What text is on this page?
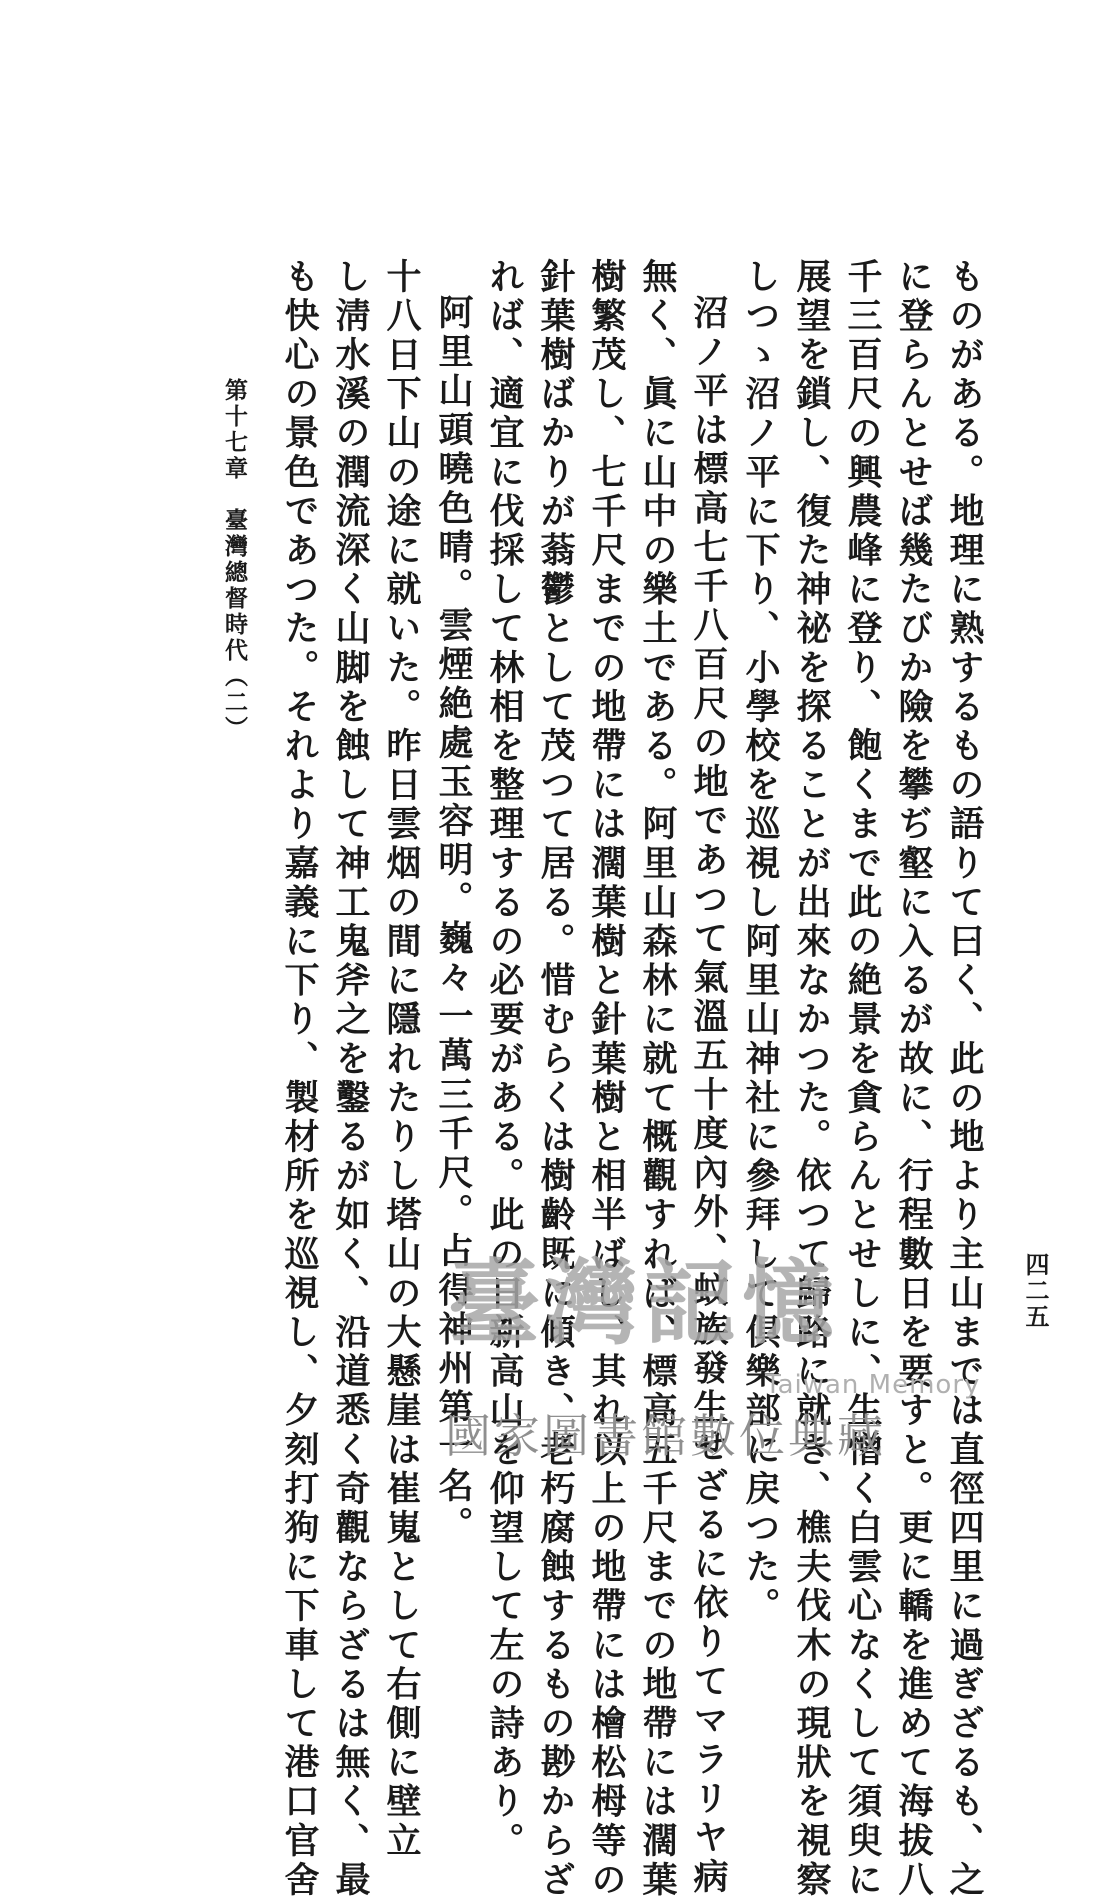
四二五
ものがある。地理に熟するもの語りて曰く、此の地より主山までは直徑四里に過ぎざるも、之
に登らんとせば幾たびか險を攀ぢ壑に入るが故に、行程數日を要すと。更に轎を進めて海拔八
千三百尺の興農峰に登り、飽くまで此の絶景を貪らんとせしに、生憎く白雲心なくして須臾に
展望を鎖し、復た神祕を探ることが出來なかつた。依つて歸路に就き、樵夫伐木の現狀を視察
しつゝ沼ノ平に下り、小學校を巡視し阿里山神社に參拜して倶樂部に戻つた。
沼ノ平は標高七千八百尺の地であつて氣溫五十度內外、蚊族發生せざるに依りてマラリヤ病
無く、眞に山中の樂土である。阿里山森林に就て概觀すれば、標高五千尺までの地帶には濶葉
樹繁茂し、七千尺までの地帶には濶葉樹と針葉樹と相半ばし、其れ以上の地帶には檜松栂等の
針葉樹ばかりが蓊鬱として茂つて居る。惜むらくは樹齡既に傾き、老朽腐蝕するもの尠からざ
れば、適宜に伐採して林相を整理するの必要がある。此の日新高山を仰望して左の詩あり。
阿里山頭曉色晴。雲煙絶處玉容明。巍々一萬三千尺。占得神州第一名。
十八日下山の途に就いた。昨日雲烟の間に隱れたりし塔山の大懸崖は崔嵬として右側に壁立
し淸水溪の潤流深く山脚を蝕して神工鬼斧之を鑿るが如く、沿道悉く奇觀ならざるは無く、最
も快心の景色であつた。それより嘉義に下り、製材所を巡視し、夕刻打狗に下車して港口官舍
第十七章　臺灣總督時代（二）
臺灣記憶
Taiwan Memory
國家圖書館數位典藏
